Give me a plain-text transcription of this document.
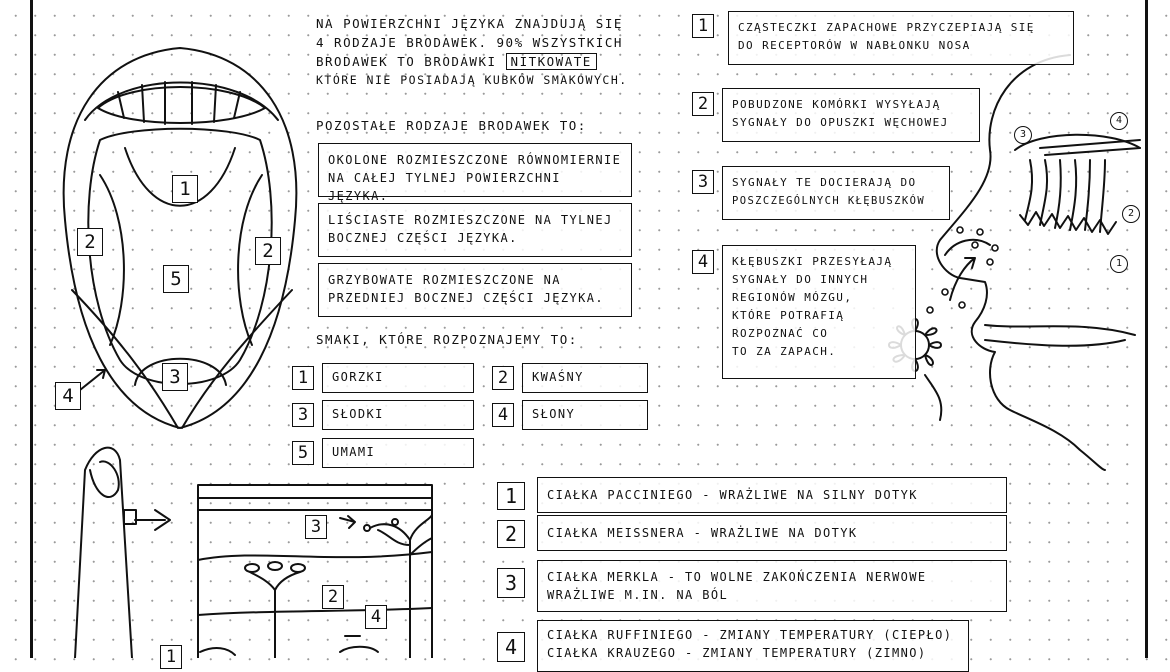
1
2	2
5
3
4
1
2
3
4
3
2
4
1
NA POWIERZCHNI JĘZYKA ZNAJDUJĄ SIĘ
4 RODZAJE BRODAWEK. 90% WSZYSTKICH
BRODAWEK TO BRODAWKI NITKOWATE
KTÓRE NIE POSIADAJĄ KUBKÓW SMAKOWYCH.
POZOSTAŁE RODZAJE BRODAWEK TO:
OKOLONE ROZMIESZCZONE RÓWNOMIERNIE
NA CAŁEJ TYLNEJ POWIERZCHNI JĘZYKA.
LIŚCIASTE ROZMIESZCZONE NA TYLNEJ
BOCZNEJ CZĘŚCI JĘZYKA.
GRZYBOWATE ROZMIESZCZONE NA
PRZEDNIEJ BOCZNEJ CZĘŚCI JĘZYKA.
SMAKI, KTÓRE ROZPOZNAJEMY TO:
1	GORZKI	2	KWAŚNY
3	SŁODKI	4	SŁONY
5	UMAMI
1	CZĄSTECZKI ZAPACHOWE PRZYCZEPIAJĄ SIĘ
DO RECEPTORÓW W NABŁONKU NOSA
2	POBUDZONE KOMÓRKI WYSYŁAJĄ
SYGNAŁY DO OPUSZKI WĘCHOWEJ
3	SYGNAŁY TE DOCIERAJĄ DO
POSZCZEGÓLNYCH KŁĘBUSZKÓW
4	KŁĘBUSZKI PRZESYŁAJĄ
SYGNAŁY DO INNYCH
REGIONÓW MÓZGU,
KTÓRE POTRAFIĄ
ROZPOZNAĆ CO
TO ZA ZAPACH.
1	CIAŁKA PACCINIEGO - WRAŻLIWE NA SILNY DOTYK
2	CIAŁKA MEISSNERA - WRAŻLIWE NA DOTYK
3	CIAŁKA MERKLA - TO WOLNE ZAKOŃCZENIA NERWOWE
WRAŻLIWE M.IN. NA BÓL
4	CIAŁKA RUFFINIEGO - ZMIANY TEMPERATURY (CIEPŁO)
CIAŁKA KRAUZEGO - ZMIANY TEMPERATURY (ZIMNO)
